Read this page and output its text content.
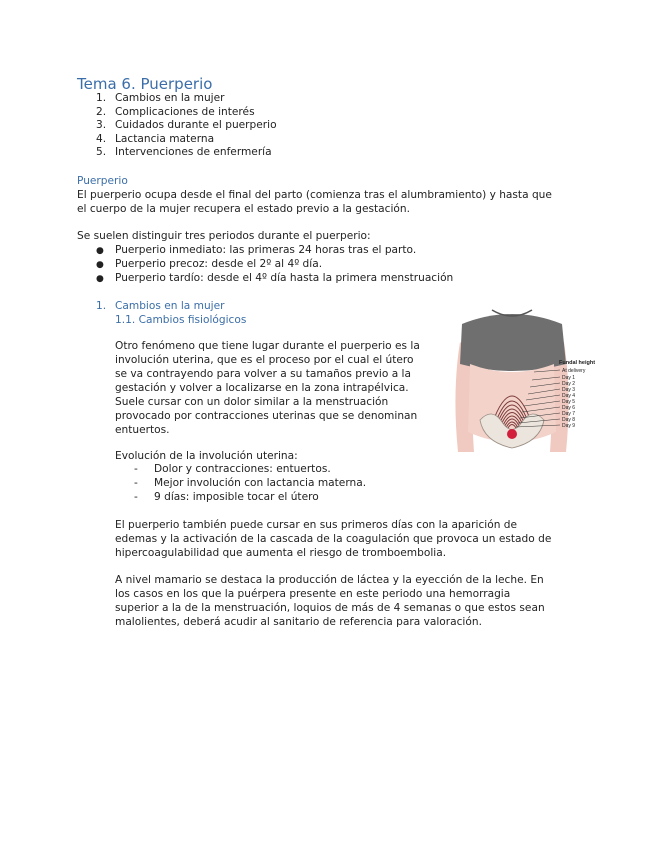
Tema 6. Puerperio
1. Cambios en la mujer
2. Complicaciones de interés
3. Cuidados durante el puerperio
4. Lactancia materna
5. Intervenciones de enfermería

Puerperio

El puerperio ocupa desde el final del parto (comienza tras el alumbramiento) y hasta que

el cuerpo de la mujer recupera el estado previo a la gestación.

Se suelen distinguir tres periodos durante el puerperio:

● Puerperio inmediato: las primeras 24 horas tras el parto.
● Puerperio precoz: desde el 2º al 4º día.
● Puerperio tardío: desde el 4º día hasta la primera menstruación

1. Cambios en la mujer

1.1. Cambios fisiológicos

Otro fenómeno que tiene lugar durante el puerperio es la

involución uterina, que es el proceso por el cual el útero

se va contrayendo para volver a su tamaños previo a la

gestación y volver a localizarse en la zona intrapélvica.

Suele cursar con un dolor similar a la menstruación

provocado por contracciones uterinas que se denominan

entuertos.

Evolución de la involución uterina:

- Dolor y contracciones: entuertos.
- Mejor involución con lactancia materna.
- 9 días: imposible tocar el útero

El puerperio también puede cursar en sus primeros días con la aparición de

edemas y la activación de la cascada de la coagulación que provoca un estado de

hipercoagulabilidad que aumenta el riesgo de tromboembolia.

A nivel mamario se destaca la producción de láctea y la eyección de la leche. En

los casos en los que la puérpera presente en este periodo una hemorragia

superior a la de la menstruación, loquios de más de 4 semanas o que estos sean

malolientes, deberá acudir al sanitario de referencia para valoración.

Fundal height
At delivery
Day 1
Day 2
Day 3
Day 4
Day 5
Day 6
Day 7
Day 8
Day 9
